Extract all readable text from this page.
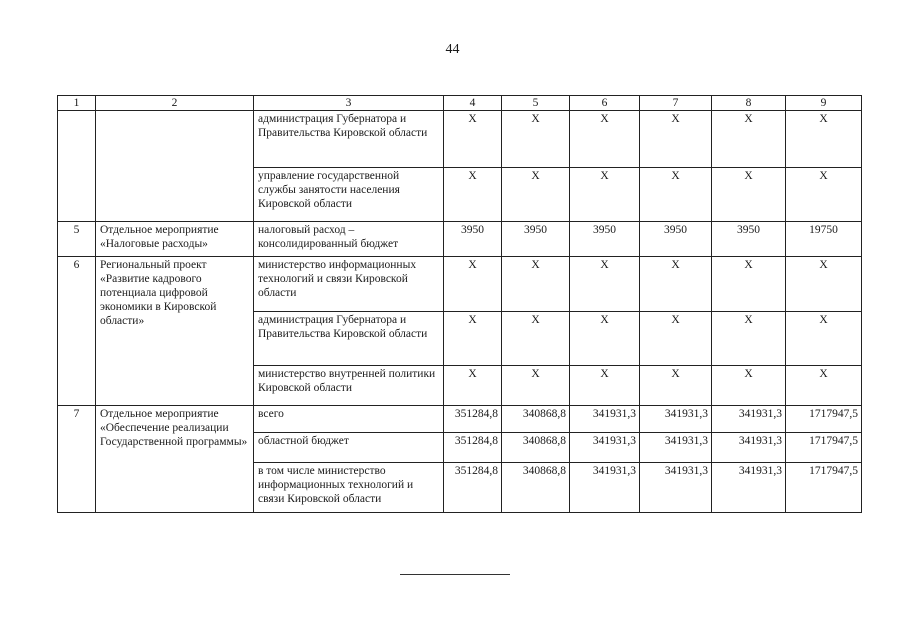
44
1	2	3	4	5	6	7	8	9
		администрация Губернатора и Правительства Кировской области	X	X	X	X	X	X
		управление государственной службы занятости населения Кировской области	X	X	X	X	X	X
5	Отдельное мероприятие «Налоговые расходы»	налоговый расход – консолидированный бюджет	3950	3950	3950	3950	3950	19750
6	Региональный проект «Развитие кадрового потенциала цифровой экономики в Кировской области»	министерство информационных технологий и связи Кировской области	X	X	X	X	X	X
		администрация Губернатора и Правительства Кировской области	X	X	X	X	X	X
		министерство внутренней политики Кировской области	X	X	X	X	X	X
7	Отдельное мероприятие «Обеспечение реализации Государственной программы»	всего	351284,8	340868,8	341931,3	341931,3	341931,3	1717947,5
		областной бюджет	351284,8	340868,8	341931,3	341931,3	341931,3	1717947,5
		в том числе министерство информационных технологий и связи Кировской области	351284,8	340868,8	341931,3	341931,3	341931,3	1717947,5
